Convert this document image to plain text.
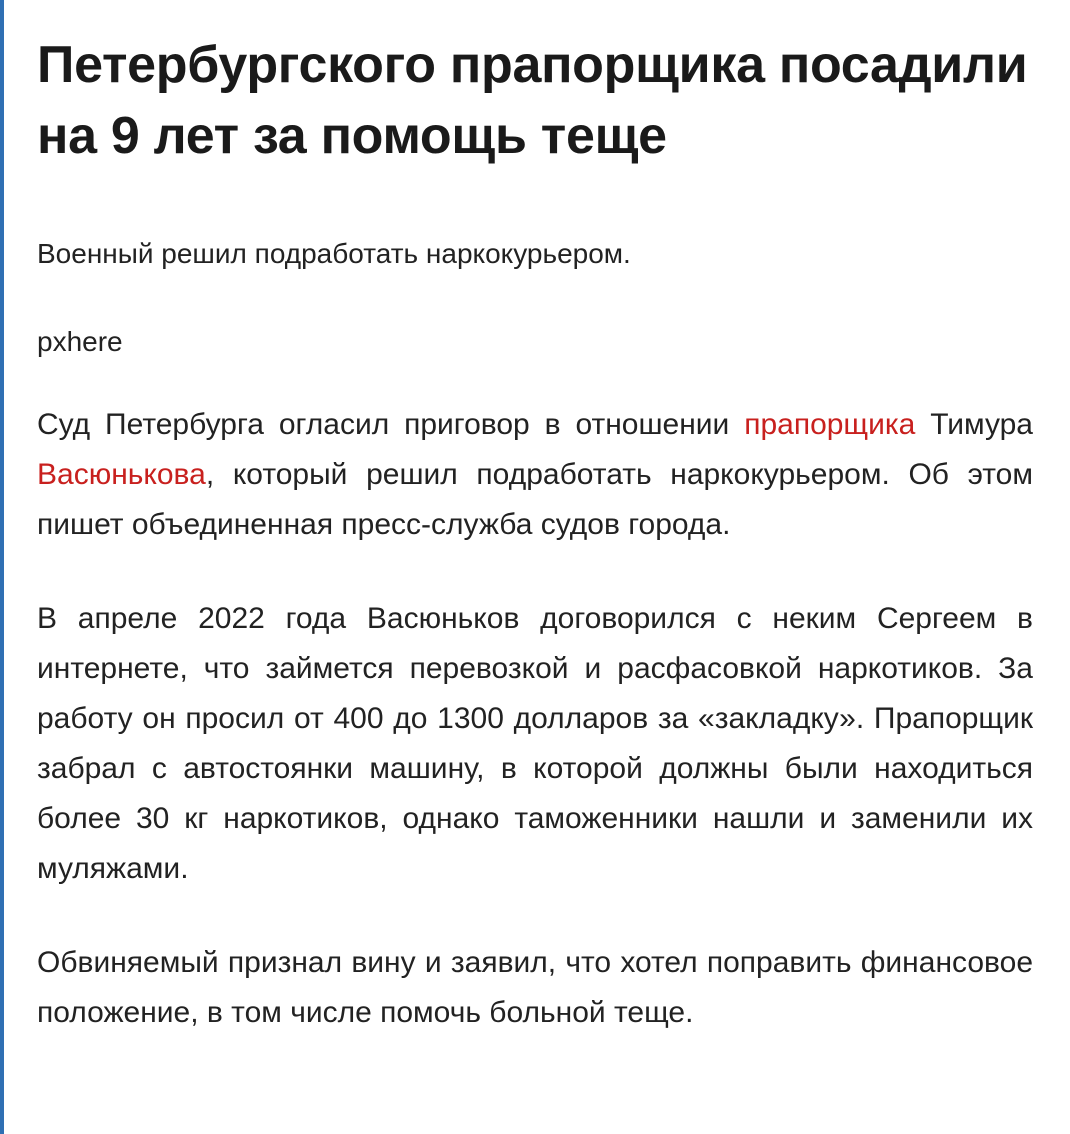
Петербургского прапорщика посадили на 9 лет за помощь теще

Военный решил подработать наркокурьером.

pxhere

Суд Петербурга огласил приговор в отношении прапорщика Тимура Васюнькова, который решил подработать наркокурьером. Об этом пишет объединенная пресс-служба судов города.

В апреле 2022 года Васюньков договорился с неким Сергеем в интернете, что займется перевозкой и расфасовкой наркотиков. За работу он просил от 400 до 1300 долларов за «закладку». Прапорщик забрал с автостоянки машину, в которой должны были находиться более 30 кг наркотиков, однако таможенники нашли и заменили их муляжами.

Обвиняемый признал вину и заявил, что хотел поправить финансовое положение, в том числе помочь больной теще.
